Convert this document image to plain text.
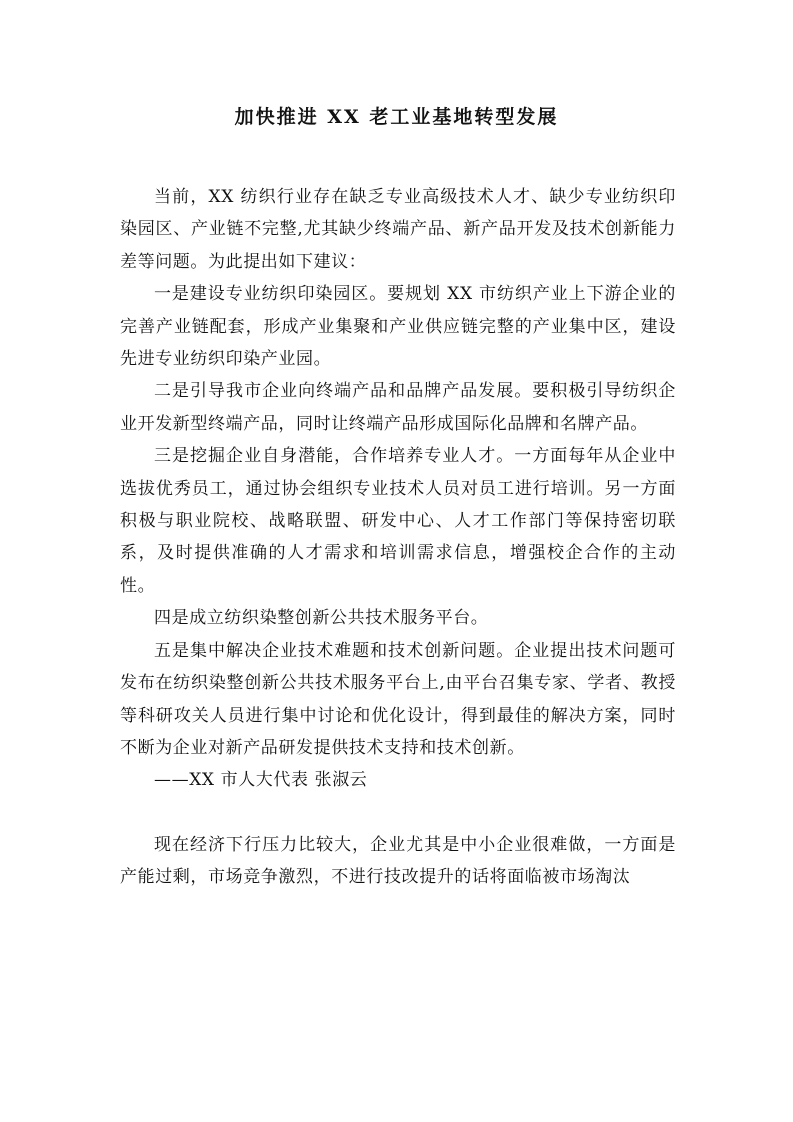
加快推进 XX 老工业基地转型发展

当前，XX 纺织行业存在缺乏专业高级技术人才、缺少专业纺织印染园区、产业链不完整,尤其缺少终端产品、新产品开发及技术创新能力差等问题。为此提出如下建议：

一是建设专业纺织印染园区。要规划 XX 市纺织产业上下游企业的完善产业链配套，形成产业集聚和产业供应链完整的产业集中区，建设先进专业纺织印染产业园。

二是引导我市企业向终端产品和品牌产品发展。要积极引导纺织企业开发新型终端产品，同时让终端产品形成国际化品牌和名牌产品。

三是挖掘企业自身潜能，合作培养专业人才。一方面每年从企业中选拔优秀员工，通过协会组织专业技术人员对员工进行培训。另一方面积极与职业院校、战略联盟、研发中心、人才工作部门等保持密切联系，及时提供准确的人才需求和培训需求信息，增强校企合作的主动性。

四是成立纺织染整创新公共技术服务平台。

五是集中解决企业技术难题和技术创新问题。企业提出技术问题可发布在纺织染整创新公共技术服务平台上,由平台召集专家、学者、教授等科研攻关人员进行集中讨论和优化设计，得到最佳的解决方案，同时不断为企业对新产品研发提供技术支持和技术创新。

——XX 市人大代表 张淑云

现在经济下行压力比较大，企业尤其是中小企业很难做，一方面是产能过剩，市场竞争激烈，不进行技改提升的话将面临被市场淘汰
